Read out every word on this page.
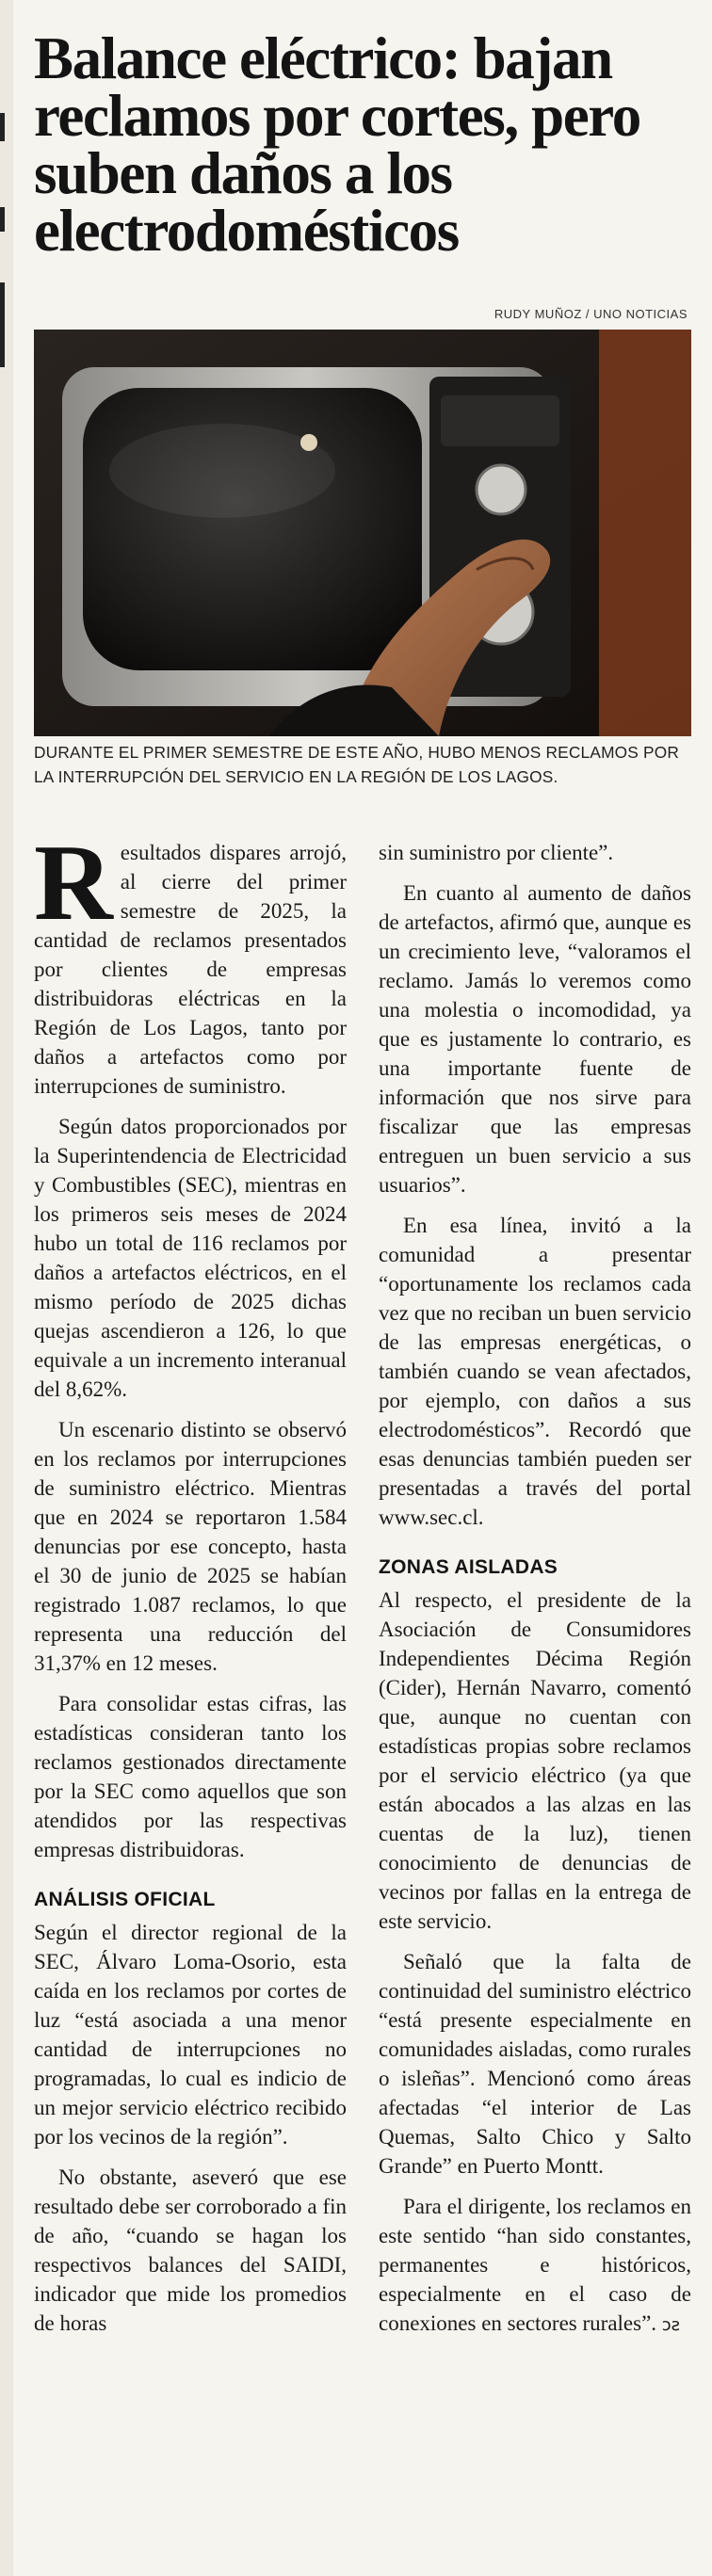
Balance eléctrico: bajan reclamos por cortes, pero suben daños a los electrodomésticos
RUDY MUÑOZ / UNO NOTICIAS
DURANTE EL PRIMER SEMESTRE DE ESTE AÑO, HUBO MENOS RECLAMOS POR LA INTERRUPCIÓN DEL SERVICIO EN LA REGIÓN DE LOS LAGOS.

Resultados dispares arrojó, al cierre del primer semestre de 2025, la cantidad de reclamos presentados por clientes de empresas distribuidoras eléctricas en la Región de Los Lagos, tanto por daños a artefactos como por interrupciones de suministro.

Según datos proporcionados por la Superintendencia de Electricidad y Combustibles (SEC), mientras en los primeros seis meses de 2024 hubo un total de 116 reclamos por daños a artefactos eléctricos, en el mismo período de 2025 dichas quejas ascendieron a 126, lo que equivale a un incremento interanual del 8,62%.

Un escenario distinto se observó en los reclamos por interrupciones de suministro eléctrico. Mientras que en 2024 se reportaron 1.584 denuncias por ese concepto, hasta el 30 de junio de 2025 se habían registrado 1.087 reclamos, lo que representa una reducción del 31,37% en 12 meses.

Para consolidar estas cifras, las estadísticas consideran tanto los reclamos gestionados directamente por la SEC como aquellos que son atendidos por las respectivas empresas distribuidoras.

ANÁLISIS OFICIAL

Según el director regional de la SEC, Álvaro Loma-Osorio, esta caída en los reclamos por cortes de luz “está asociada a una menor cantidad de interrupciones no programadas, lo cual es indicio de un mejor servicio eléctrico recibido por los vecinos de la región”.

No obstante, aseveró que ese resultado debe ser corroborado a fin de año, “cuando se hagan los respectivos balances del SAIDI, indicador que mide los promedios de horas

sin suministro por cliente”.

En cuanto al aumento de daños de artefactos, afirmó que, aunque es un crecimiento leve, “valoramos el reclamo. Jamás lo veremos como una molestia o incomodidad, ya que es justamente lo contrario, es una importante fuente de información que nos sirve para fiscalizar que las empresas entreguen un buen servicio a sus usuarios”.

En esa línea, invitó a la comunidad a presentar “oportunamente los reclamos cada vez que no reciban un buen servicio de las empresas energéticas, o también cuando se vean afectados, por ejemplo, con daños a sus electrodomésticos”. Recordó que esas denuncias también pueden ser presentadas a través del portal www.sec.cl.

ZONAS AISLADAS

Al respecto, el presidente de la Asociación de Consumidores Independientes Décima Región (Cider), Hernán Navarro, comentó que, aunque no cuentan con estadísticas propias sobre reclamos por el servicio eléctrico (ya que están abocados a las alzas en las cuentas de la luz), tienen conocimiento de denuncias de vecinos por fallas en la entrega de este servicio.

Señaló que la falta de continuidad del suministro eléctrico “está presente especialmente en comunidades aisladas, como rurales o isleñas”. Mencionó como áreas afectadas “el interior de Las Quemas, Salto Chico y Salto Grande” en Puerto Montt.

Para el dirigente, los reclamos en este sentido “han sido constantes, permanentes e históricos, especialmente en el caso de conexiones en sectores rurales”. ↄƨ
